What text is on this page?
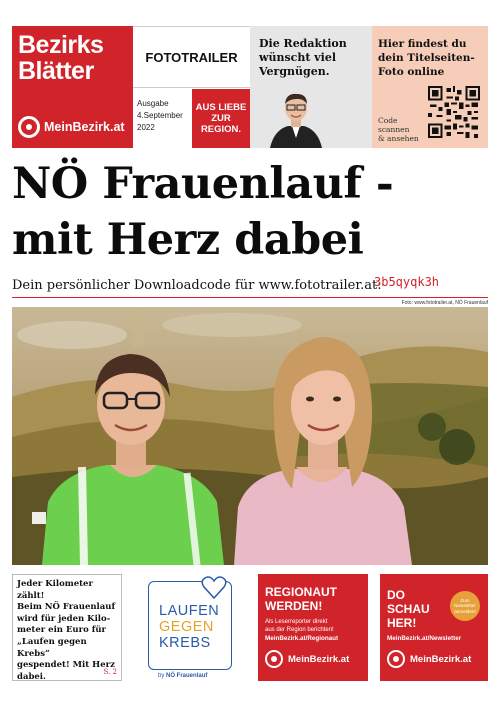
Bezirks
Blätter
MeinBezirk.at
FOTOTRAILER
Ausgabe
4.September
2022
AUS LIEBE
ZUR
REGION.
Die Redaktion
wünscht viel
Vergnügen.
Hier findest du
dein Titelseiten-
Foto online
Code
scannen
& ansehen
NÖ Frauenlauf -
mit Herz dabei
Dein persönlicher Downloadcode für www.fototrailer.at:
3b5qyqk3h
Foto: www.fototrailer.at, NÖ Frauenlauf
Jeder Kilometer zählt!
Beim NÖ Frauenlauf
wird für jeden Kilo-
meter ein Euro für
„Laufen gegen Krebs“
gespendet! Mit Herz
dabei.	S. 2
LAUFEN
GEGEN
KREBS
by NÖ Frauenlauf
REGIONAUT
WERDEN!
Als Leserreporter direkt
aus der Region berichten!
MeinBezirk.at/Regionaut
MeinBezirk.at
DO
SCHAU
HER!
Zum
Newsletter
anmelden!
MeinBezirk.at/Newsletter
MeinBezirk.at
